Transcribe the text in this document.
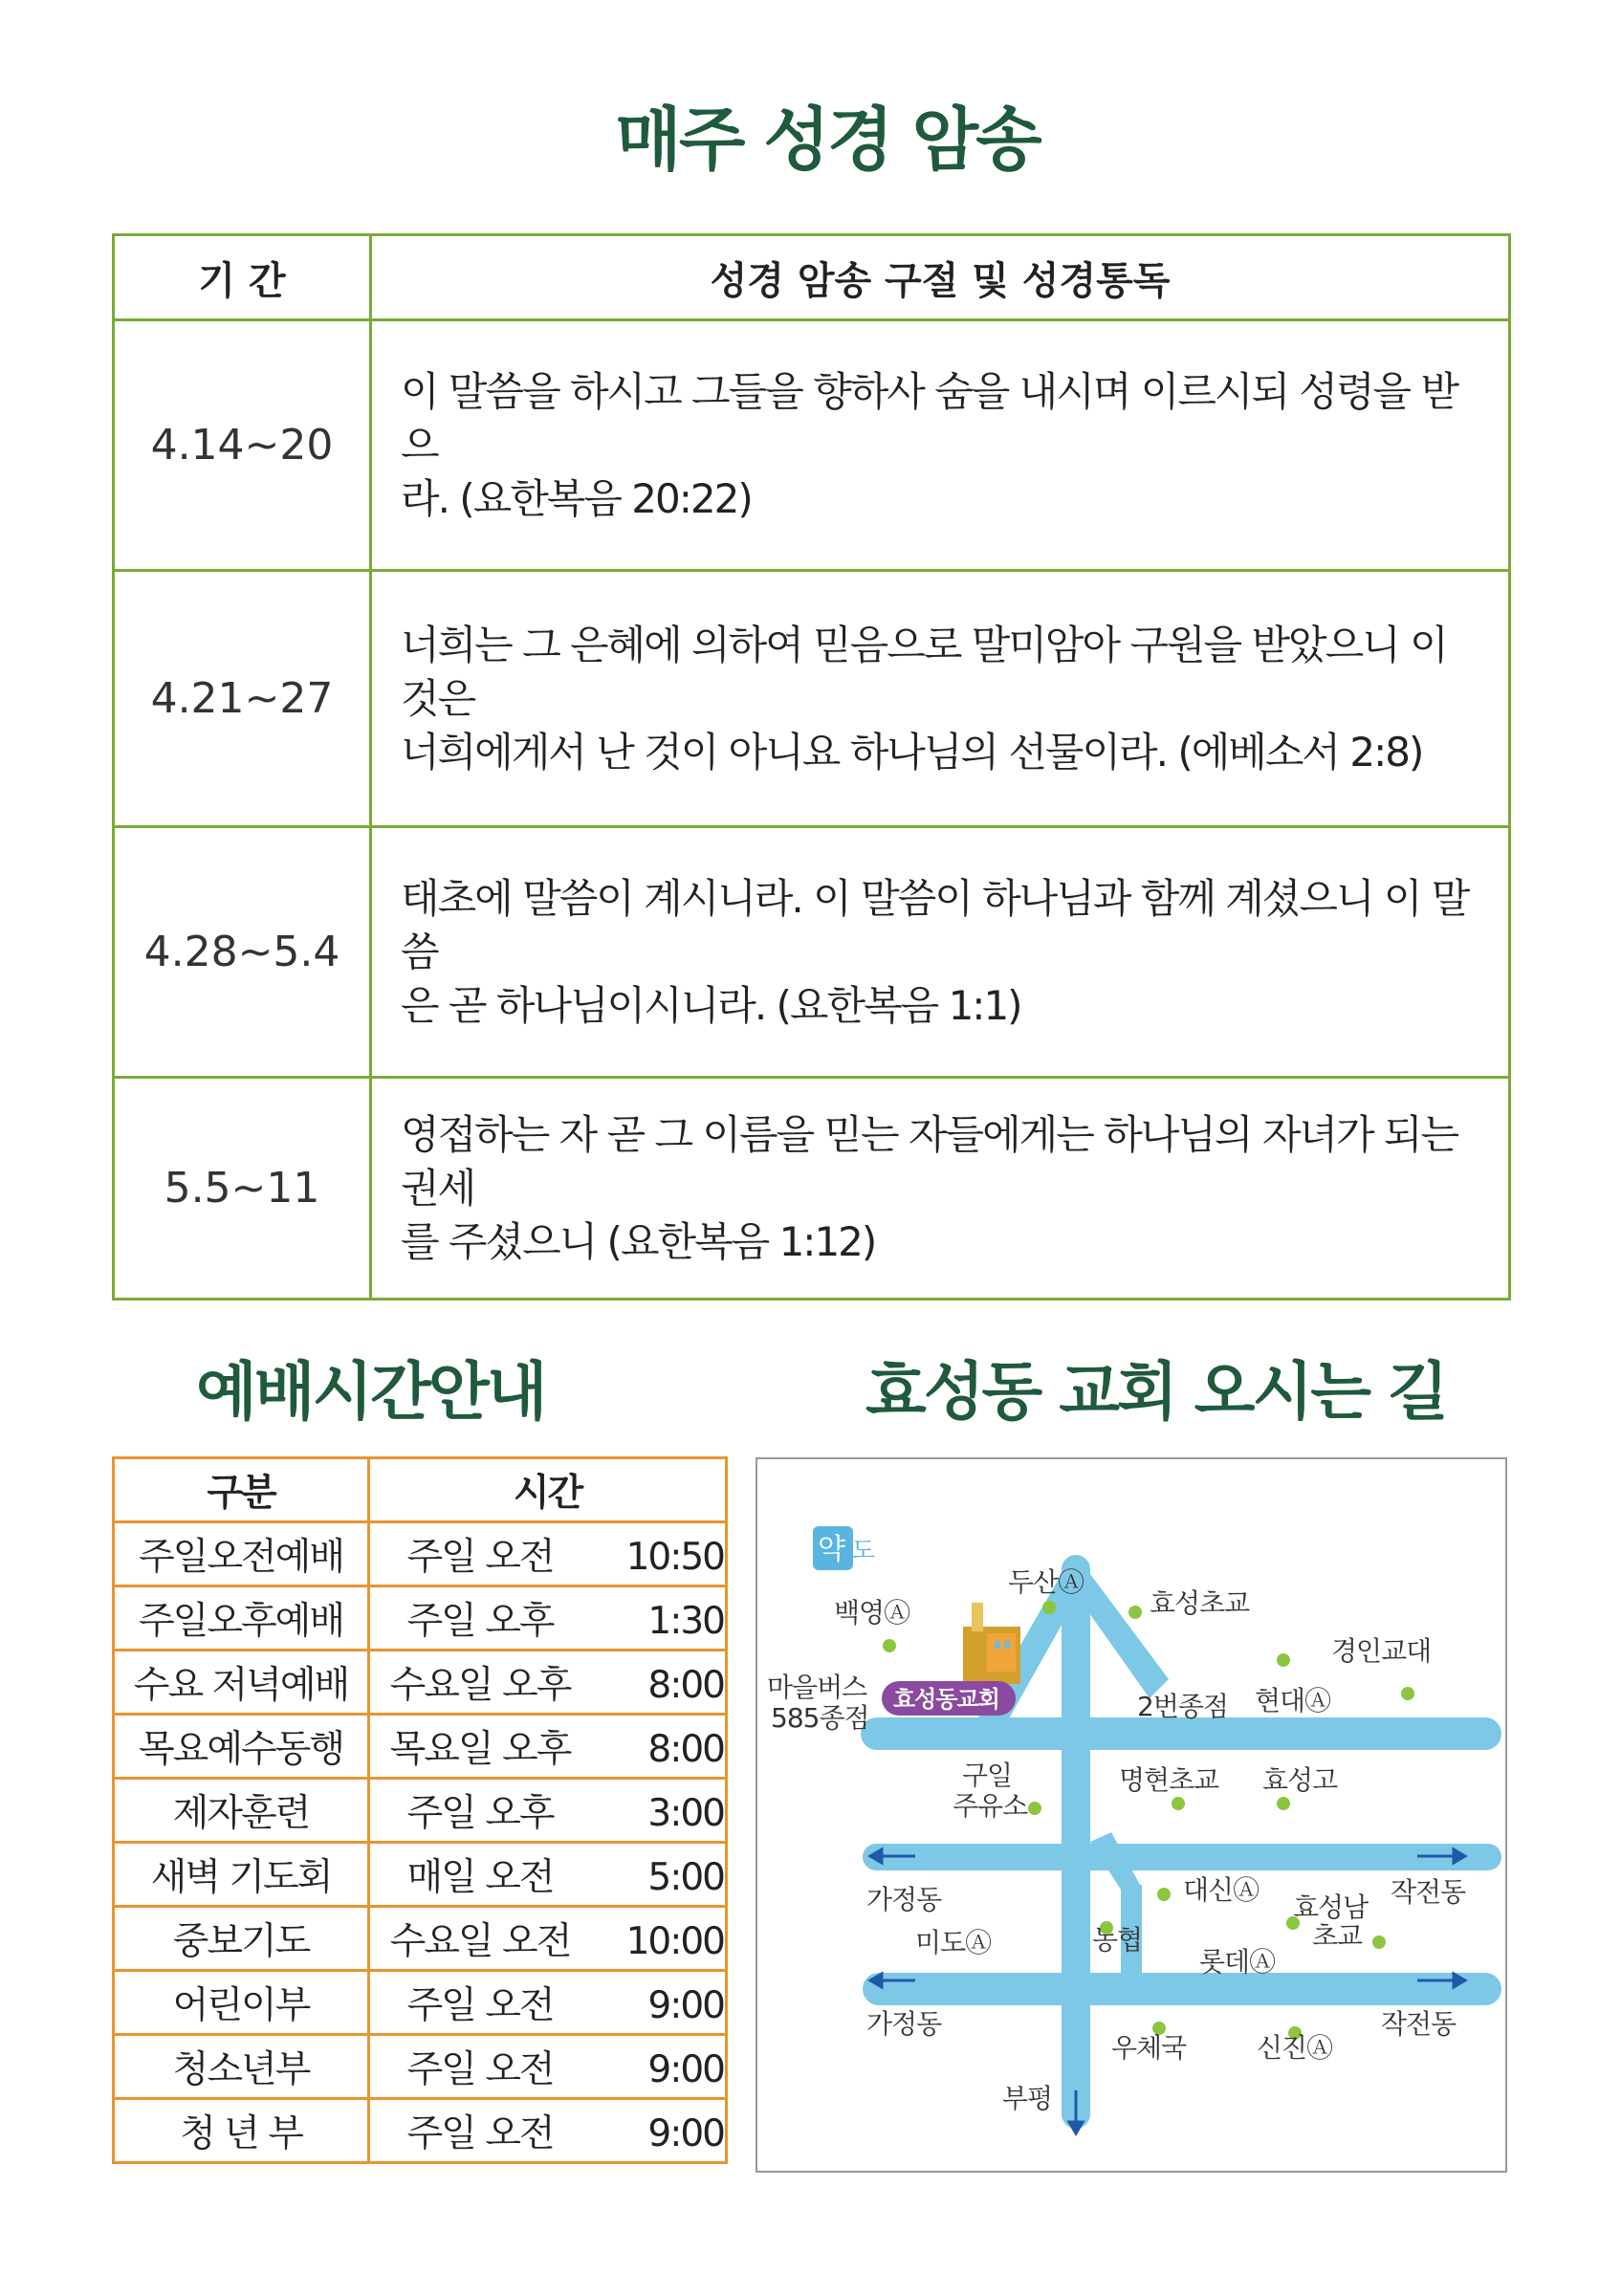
매주 성경 암송
기 간	성경 암송 구절 및 성경통독
4.14~20	이 말씀을 하시고 그들을 향하사 숨을 내시며 이르시되 성령을 받으
라. (요한복음 20:22)
4.21~27	너희는 그 은혜에 의하여 믿음으로 말미암아 구원을 받았으니 이것은
너희에게서 난 것이 아니요 하나님의 선물이라. (에베소서 2:8)
4.28~5.4	태초에 말씀이 계시니라. 이 말씀이 하나님과 함께 계셨으니 이 말씀
은 곧 하나님이시니라. (요한복음 1:1)
5.5~11	영접하는 자 곧 그 이름을 믿는 자들에게는 하나님의 자녀가 되는 권세
를 주셨으니 (요한복음 1:12)
예배시간안내	효성동 교회 오시는 길
구분	시간
주일오전예배	주일 오전 10:50
주일오후예배	주일 오후 1:30
수요 저녁예배	수요일 오후 8:00
목요예수동행	목요일 오후 8:00
제자훈련	주일 오후 3:00
새벽 기도회	매일 오전 5:00
중보기도	수요일 오전 10:00
어린이부	주일 오전 9:00
청소년부	주일 오전 9:00
청 년 부	주일 오전 9:00
약 도
효성동교회
두산Ⓐ
효성초교
백영Ⓐ
경인교대
마을버스
585종점	2번종점 현대Ⓐ
구일
주유소
명현초교 효성고
가정동	대신Ⓐ	작전동
효성남
초교
미도Ⓐ	농협
롯데Ⓐ
가정동	작전동
우체국	신진Ⓐ
부평
